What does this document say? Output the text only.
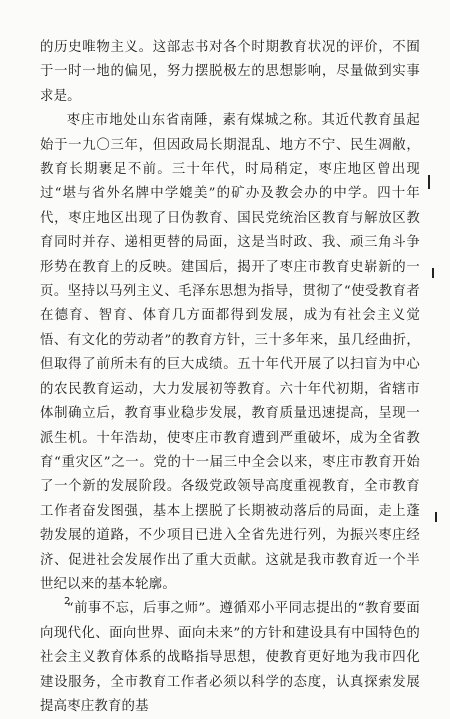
的历史唯物主义。这部志书对各个时期教育状况的评价，不囿于一时一地的偏见，努力摆脱极左的思想影响，尽量做到实事求是。

枣庄市地处山东省南陲，素有煤城之称。其近代教育虽起始于一九〇三年，但因政局长期混乱、地方不宁、民生凋敝，教育长期裹足不前。三十年代，时局稍定，枣庄地区曾出现过“堪与省外名牌中学媲美”的矿办及教会办的中学。四十年代，枣庄地区出现了日伪教育、国民党统治区教育与解放区教育同时并存、递相更替的局面，这是当时政、我、顽三角斗争形势在教育上的反映。建国后，揭开了枣庄市教育史崭新的一页。坚持以马列主义、毛泽东思想为指导，贯彻了“使受教育者在德育、智育、体育几方面都得到发展，成为有社会主义觉悟、有文化的劳动者”的教育方针，三十多年来，虽几经曲折，但取得了前所未有的巨大成绩。五十年代开展了以扫盲为中心的农民教育运动，大力发展初等教育。六十年代初期，省辖市体制确立后，教育事业稳步发展，教育质量迅速提高，呈现一派生机。十年浩劫，使枣庄市教育遭到严重破坏，成为全省教育“重灾区”之一。党的十一届三中全会以来，枣庄市教育开始了一个新的发展阶段。各级党政领导高度重视教育，全市教育工作者奋发图强，基本上摆脱了长期被动落后的局面，走上蓬勃发展的道路，不少项目已进入全省先进行列，为振兴枣庄经济、促进社会发展作出了重大贡献。这就是我市教育近一个半世纪以来的基本轮廓。

“前事不忘，后事之师”。遵循邓小平同志提出的“教育要面向现代化、面向世界、面向未来”的方针和建设具有中国特色的社会主义教育体系的战略指导思想，使教育更好地为我市四化建设服务，全市教育工作者必须以科学的态度，认真探索发展提高枣庄教育的基

2
